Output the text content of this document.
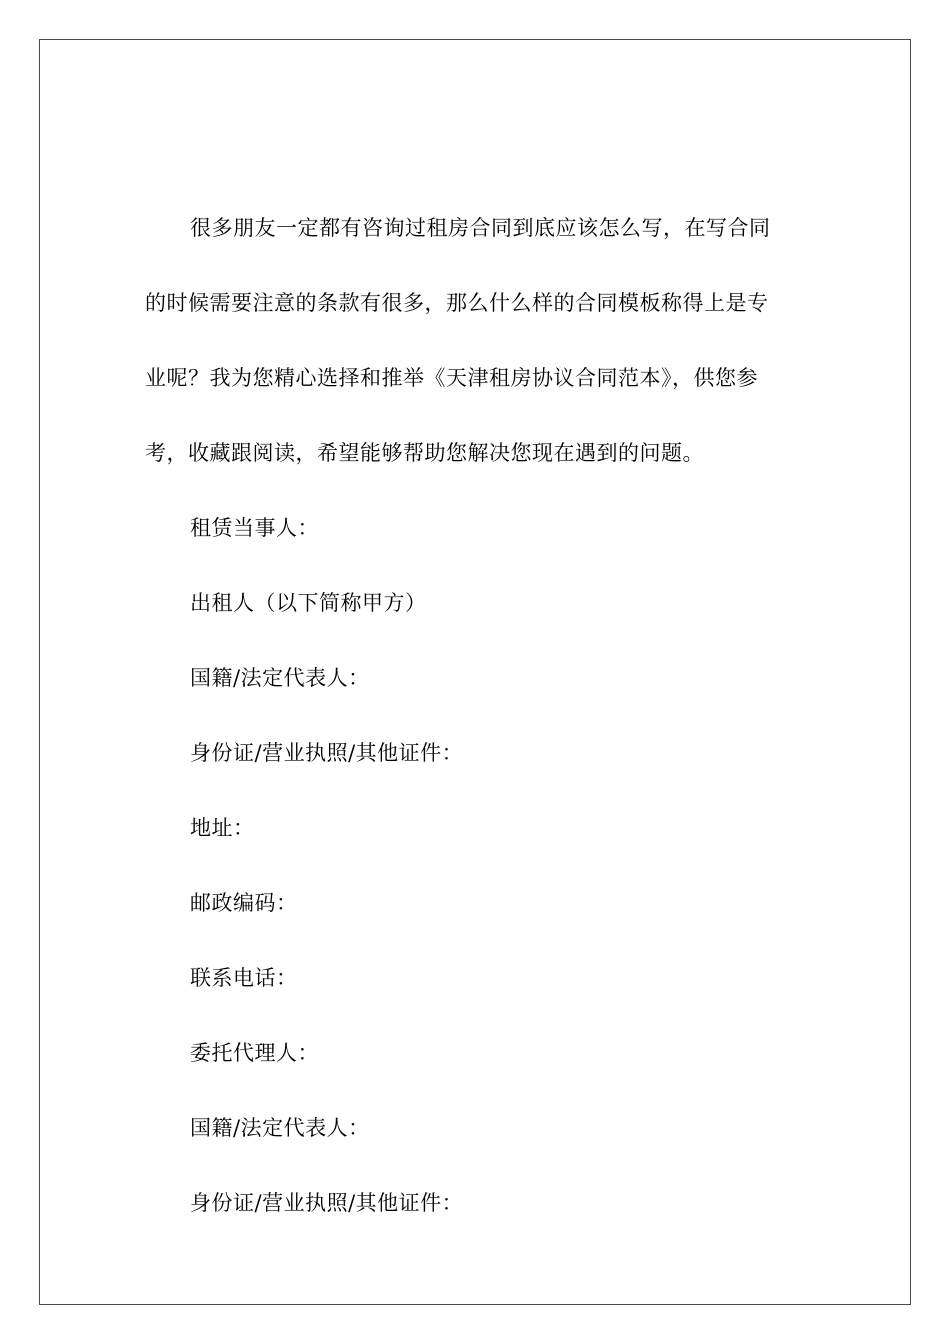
很多朋友一定都有咨询过租房合同到底应该怎么写，在写合同
的时候需要注意的条款有很多，那么什么样的合同模板称得上是专
业呢？我为您精心选择和推举《天津租房协议合同范本》，供您参
考，收藏跟阅读，希望能够帮助您解决您现在遇到的问题。

租赁当事人：

出租人（以下简称甲方）

国籍/法定代表人：

身份证/营业执照/其他证件：

地址：

邮政编码：

联系电话：

委托代理人：

国籍/法定代表人：

身份证/营业执照/其他证件：
